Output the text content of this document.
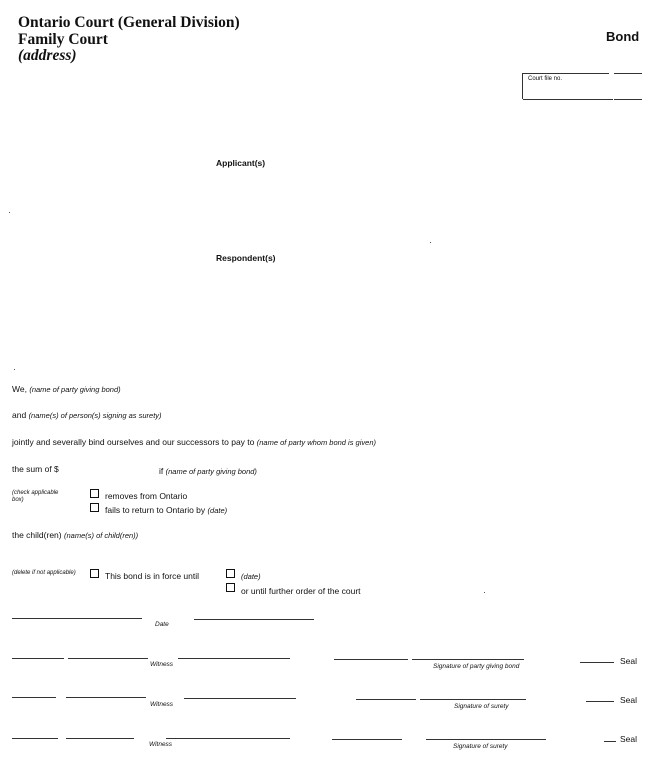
Ontario Court (General Division)
Family Court
(address)
Bond
Court file no.
Applicant(s)
Respondent(s)
We, (name of party giving bond)
and (name(s) of person(s) signing as surety)
jointly and severally bind ourselves and our successors to pay to (name of party whom bond is given)
the sum of $	if (name of party giving bond)
(check applicable box)	removes from Ontario
fails to return to Ontario by (date)
the child(ren) (name(s) of child(ren))
(delete if not applicable)	This bond is in force until	(date)
or until further order of the court
Date
Witness	Signature of party giving bond
Seal
Witness	Signature of surety
Seal
Witness	Signature of surety
Seal
